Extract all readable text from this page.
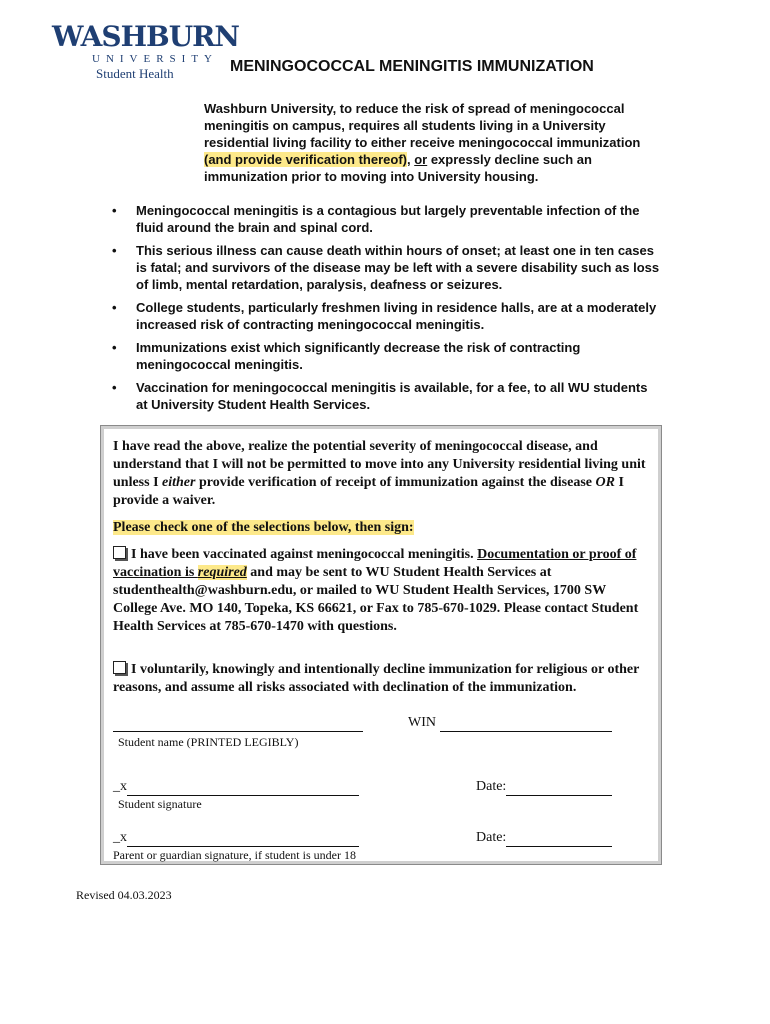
WASHBURN
UNIVERSITY
Student Health	MENINGOCOCCAL MENINGITIS IMMUNIZATION
Washburn University, to reduce the risk of spread of meningococcal meningitis on campus, requires all students living in a University residential living facility to either receive meningococcal immunization (and provide verification thereof), or expressly decline such an immunization prior to moving into University housing.
• Meningococcal meningitis is a contagious but largely preventable infection of the fluid around the brain and spinal cord.
• This serious illness can cause death within hours of onset; at least one in ten cases is fatal; and survivors of the disease may be left with a severe disability such as loss of limb, mental retardation, paralysis, deafness or seizures.
• College students, particularly freshmen living in residence halls, are at a moderately increased risk of contracting meningococcal meningitis.
• Immunizations exist which significantly decrease the risk of contracting meningococcal meningitis.
• Vaccination for meningococcal meningitis is available, for a fee, to all WU students at University Student Health Services.
I have read the above, realize the potential severity of meningococcal disease, and understand that I will not be permitted to move into any University residential living unit unless I either provide verification of receipt of immunization against the disease OR I provide a waiver.
Please check one of the selections below, then sign:
I have been vaccinated against meningococcal meningitis. Documentation or proof of vaccination is required and may be sent to WU Student Health Services at studenthealth@washburn.edu, or mailed to WU Student Health Services, 1700 SW College Ave. MO 140, Topeka, KS 66621, or Fax to 785-670-1029. Please contact Student Health Services at 785-670-1470 with questions.
I voluntarily, knowingly and intentionally decline immunization for religious or other reasons, and assume all risks associated with declination of the immunization.
WIN
Student name (PRINTED LEGIBLY)
_x	Date:
Student signature
_x	Date:
Parent or guardian signature, if student is under 18
Revised 04.03.2023
